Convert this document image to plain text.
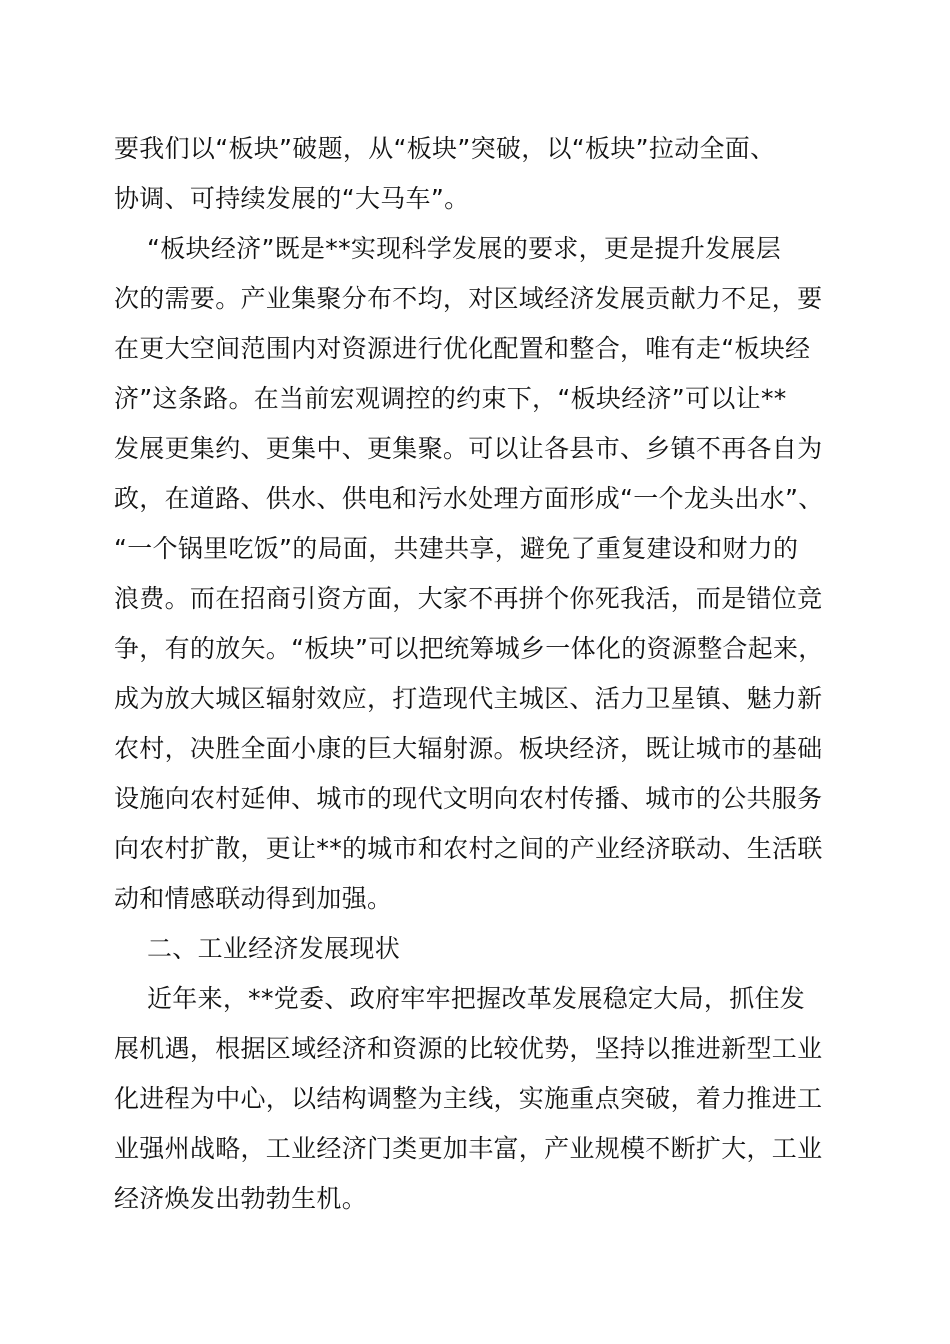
要我们以“板块”破题，从“板块”突破，以“板块”拉动全面、
协调、可持续发展的“大马车”。
“板块经济”既是**实现科学发展的要求，更是提升发展层
次的需要。产业集聚分布不均，对区域经济发展贡献力不足，要
在更大空间范围内对资源进行优化配置和整合，唯有走“板块经
济”这条路。在当前宏观调控的约束下，“板块经济”可以让**
发展更集约、更集中、更集聚。可以让各县市、乡镇不再各自为
政，在道路、供水、供电和污水处理方面形成“一个龙头出水”、
“一个锅里吃饭”的局面，共建共享，避免了重复建设和财力的
浪费。而在招商引资方面，大家不再拼个你死我活，而是错位竞
争，有的放矢。“板块”可以把统筹城乡一体化的资源整合起来，
成为放大城区辐射效应，打造现代主城区、活力卫星镇、魅力新
农村，决胜全面小康的巨大辐射源。板块经济，既让城市的基础
设施向农村延伸、城市的现代文明向农村传播、城市的公共服务
向农村扩散，更让**的城市和农村之间的产业经济联动、生活联
动和情感联动得到加强。
二、工业经济发展现状
近年来，**党委、政府牢牢把握改革发展稳定大局，抓住发
展机遇，根据区域经济和资源的比较优势，坚持以推进新型工业
化进程为中心，以结构调整为主线，实施重点突破，着力推进工
业强州战略，工业经济门类更加丰富，产业规模不断扩大，工业
经济焕发出勃勃生机。
